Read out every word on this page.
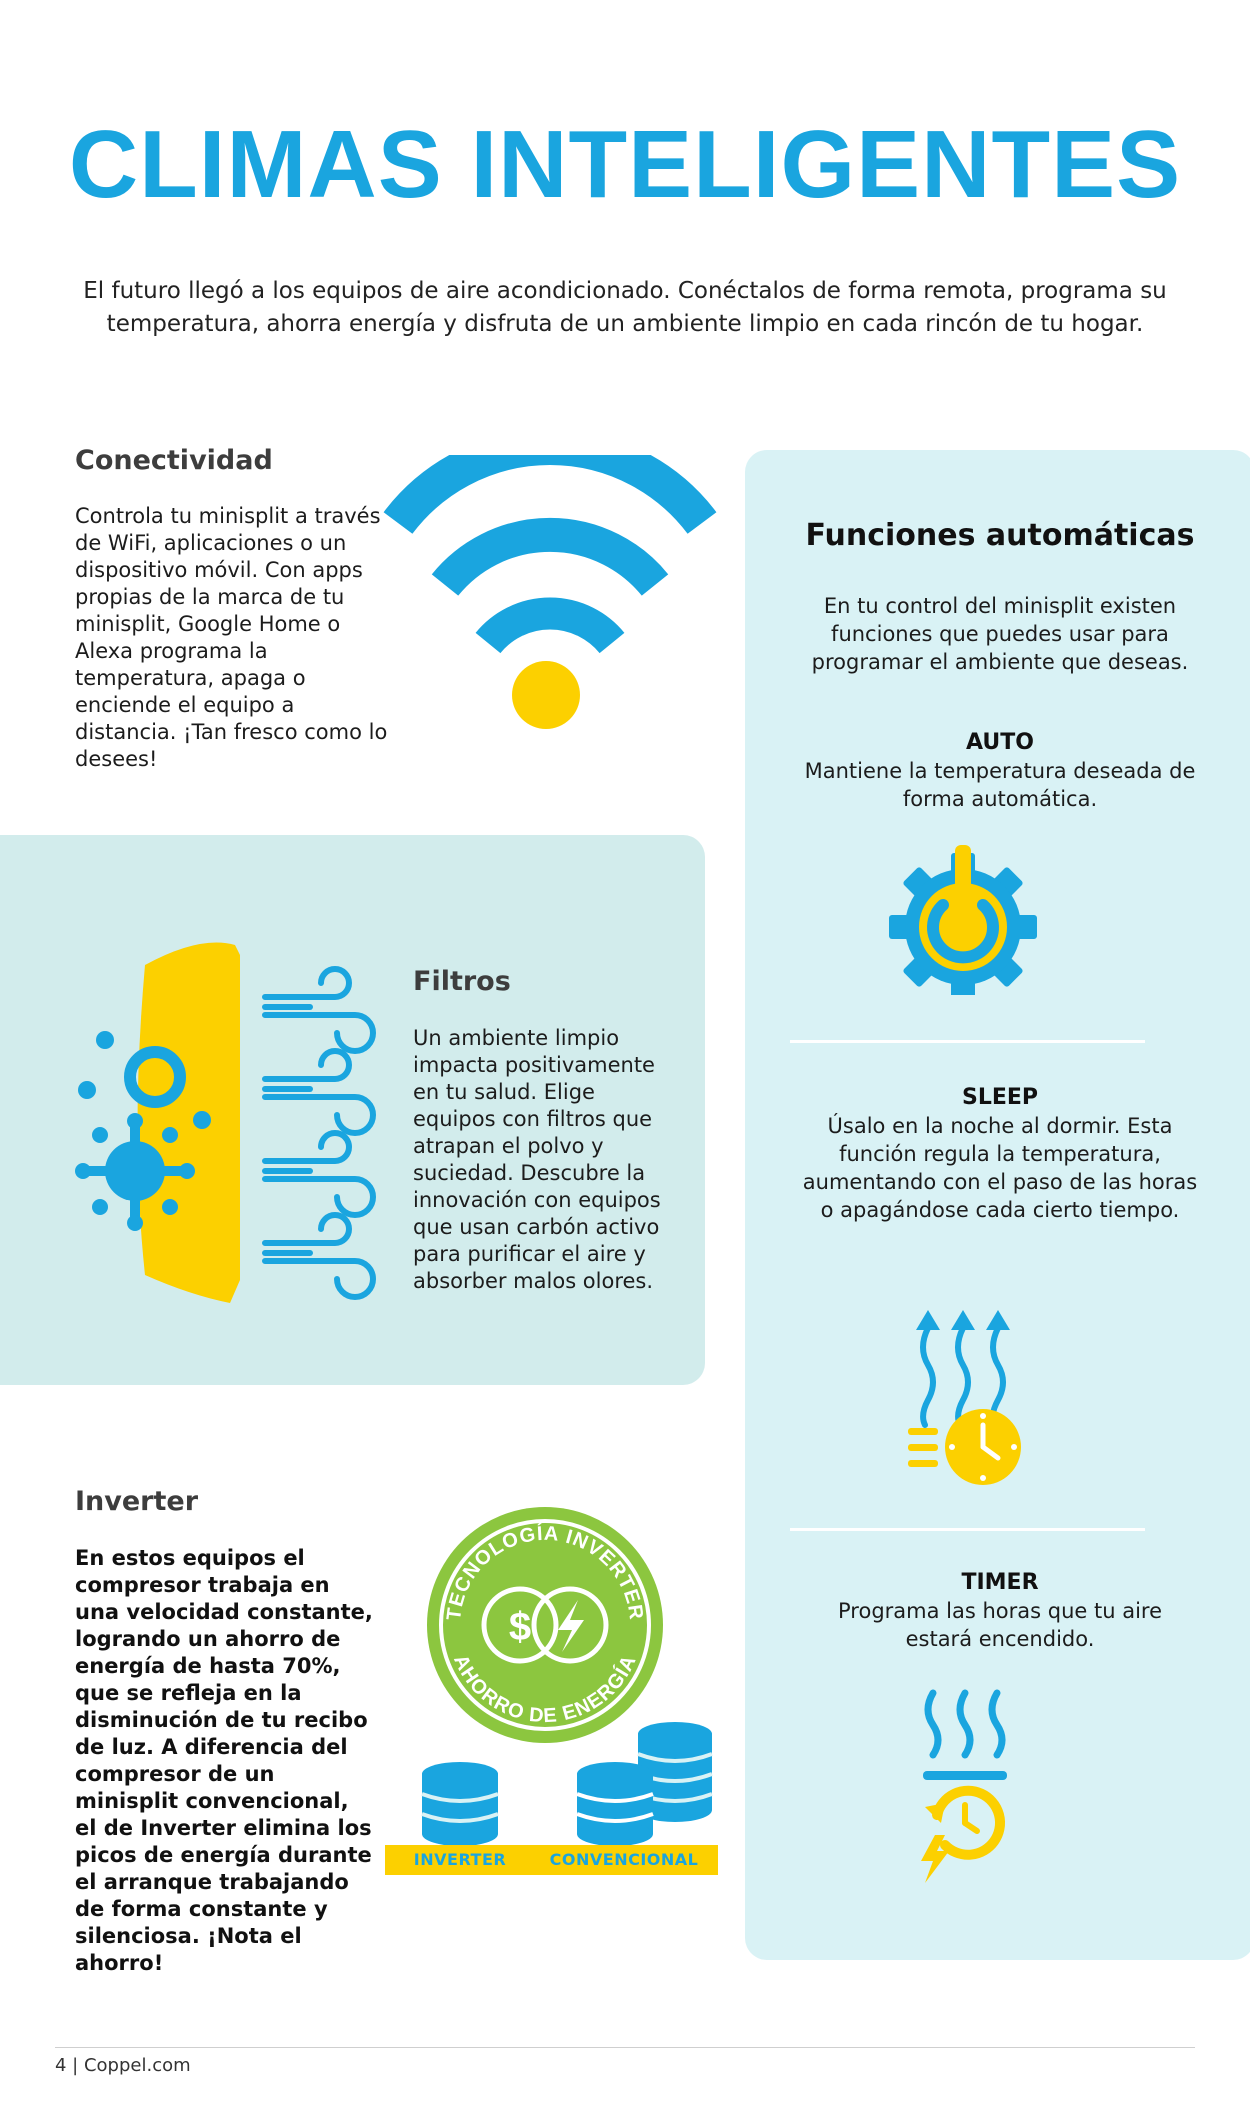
CLIMAS INTELIGENTES
El futuro llegó a los equipos de aire acondicionado. Conéctalos de forma remota, programa su temperatura, ahorra energía y disfruta de un ambiente limpio en cada rincón de tu hogar.
Conectividad
Controla tu minisplit a través de WiFi, aplicaciones o un dispositivo móvil. Con apps propias de la marca de tu minisplit, Google Home o Alexa programa la temperatura, apaga o enciende el equipo a distancia. ¡Tan fresco como lo desees!
Filtros
Un ambiente limpio impacta positivamente en tu salud. Elige equipos con filtros que atrapan el polvo y suciedad. Descubre la innovación con equipos que usan carbón activo para purificar el aire y absorber malos olores.
Inverter
En estos equipos el compresor trabaja en una velocidad constante, logrando un ahorro de energía de hasta 70%, que se refleja en la disminución de tu recibo de luz. A diferencia del compresor de un minisplit convencional, el de Inverter elimina los picos de energía durante el arranque trabajando de forma constante y silenciosa. ¡Nota el ahorro!
TECNOLOGÍA INVERTER
AHORRO DE ENERGÍA
$
INVERTER	CONVENCIONAL
Funciones automáticas
En tu control del minisplit existen funciones que puedes usar para programar el ambiente que deseas.
AUTO
Mantiene la temperatura deseada de forma automática.
SLEEP
Úsalo en la noche al dormir. Esta función regula la temperatura, aumentando con el paso de las horas o apagándose cada cierto tiempo.
TIMER
Programa las horas que tu aire estará encendido.
4 | Coppel.com
